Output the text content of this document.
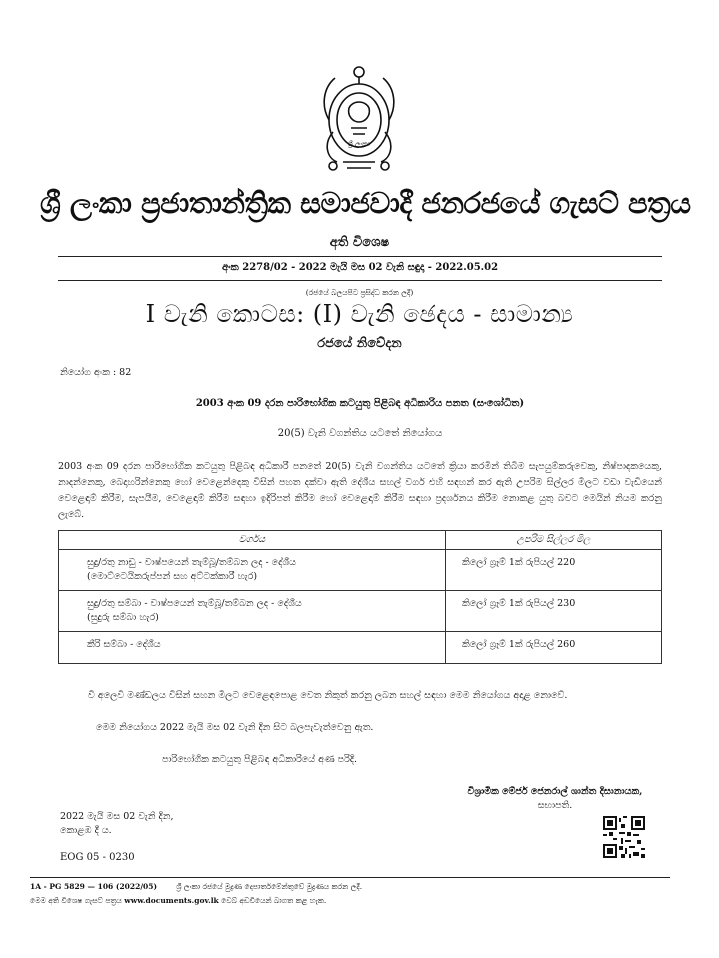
ශ්‍රී ලංකා
ශ්‍රී ලංකා ප්‍රජාතාන්ත්‍රික සමාජවාදී ජනරජයේ ගැසට් පත්‍රය
අති විශෙෂ
අංක 2278/02 - 2022 මැයි මස 02 වැනි සඳුදා - 2022.05.02
(රජයේ බලයපිට ප්‍රසිද්ධ කරන ලදී)
I වැනි කොටස: (I) වැනි ඡෙදය - සාමාන්‍ය
රජයේ නිවේදන
නියෝග අංක : 82
2003 අංක 09 දරන පාරිභෝගික කටයුතු පිළිබඳ අධිකාරිය පනත (සංශෝධිත)
20(5) වැනි වගන්තිය යටතේ නියෝගය
2003 අංක 09 දරන පාරිභෝගික කටයුතු පිළිබඳ අධිකාරී පනතේ 20(5) වැනි වගන්තිය යටතේ ක්‍රියා කරමින් තිබීම සැපයුම්කරුවෙකු, නිෂ්පාදකයෙකු, නාදන්නෙකු, බෙදාහරින්නෙකු හෝ වෙළෙන්දෙකු විසින් පහත දක්වා ඇති දේශීය සහල් වර්ග එහි සඳහන් කර ඇති උපරිම සිල්ලර මිලට වඩා වැඩියෙන් වෙළෙඳාම් කිරීම, සැපයීම, වෙළෙඳාම් කිරීම සඳහා ඉදිරිපත් කිරීම හෝ වෙළෙඳාම් කිරීම සඳහා ප්‍රදර්ශනය කිරීම නොකළ යුතු බවට මෙයින් නියම කරනු ලැබේ.
වර්ගය	උපරිම සිල්ලර මිල
සුදු/රතු නාඩු - වාෂ්පයෙන් තැම්බූ/තම්බන ලද - දේශීය
(මොට්ටෙයිකරුප්පන් සහ අට්ටක්කාරී හැර)	කිලෝ ග්‍රෑම් 1ක් රුපියල් 220
සුදු/රතු සම්බා - වාෂ්පයෙන් තැම්බූ/තම්බන ලද - දේශීය
(සුදුරු සම්බා හැර)	කිලෝ ග්‍රෑම් 1ක් රුපියල් 230
කීරි සම්බා - දේශීය	කිලෝ ග්‍රෑම් 1ක් රුපියල් 260
වී අලෙවි මණ්ඩලය විසින් සහන මිලට වෙළෙඳපොළ වෙත නිකුත් කරනු ලබන සහල් සඳහා මෙම නියෝගය අදාළ නොවේ.
මෙම නියෝගය 2022 මැයි මස 02 වැනි දින සිට බලපැවැත්වෙනු ඇත.
පාරිභෝගික කටයුතු පිළිබඳ අධිකාරියේ අණ පරිදි.
විශ්‍රාමික මේජර් ජෙනරාල් ශාන්ත දිසානායක,
සභාපති.
2022 මැයි මස 02 වැනි දින,
කොළඹ දී ය.
EOG 05 - 0230
1A - PG 5829 — 106 (2022/05)	ශ්‍රී ලංකා රජයේ මුද්‍රණ දෙපාර්තමේන්තුවේ මුද්‍රණය කරන ලදී.
මෙම අති විශෙෂ ගැසට් පත්‍රය www.documents.gov.lk වෙබ් අඩවියෙන් බාගත කළ හැක.
